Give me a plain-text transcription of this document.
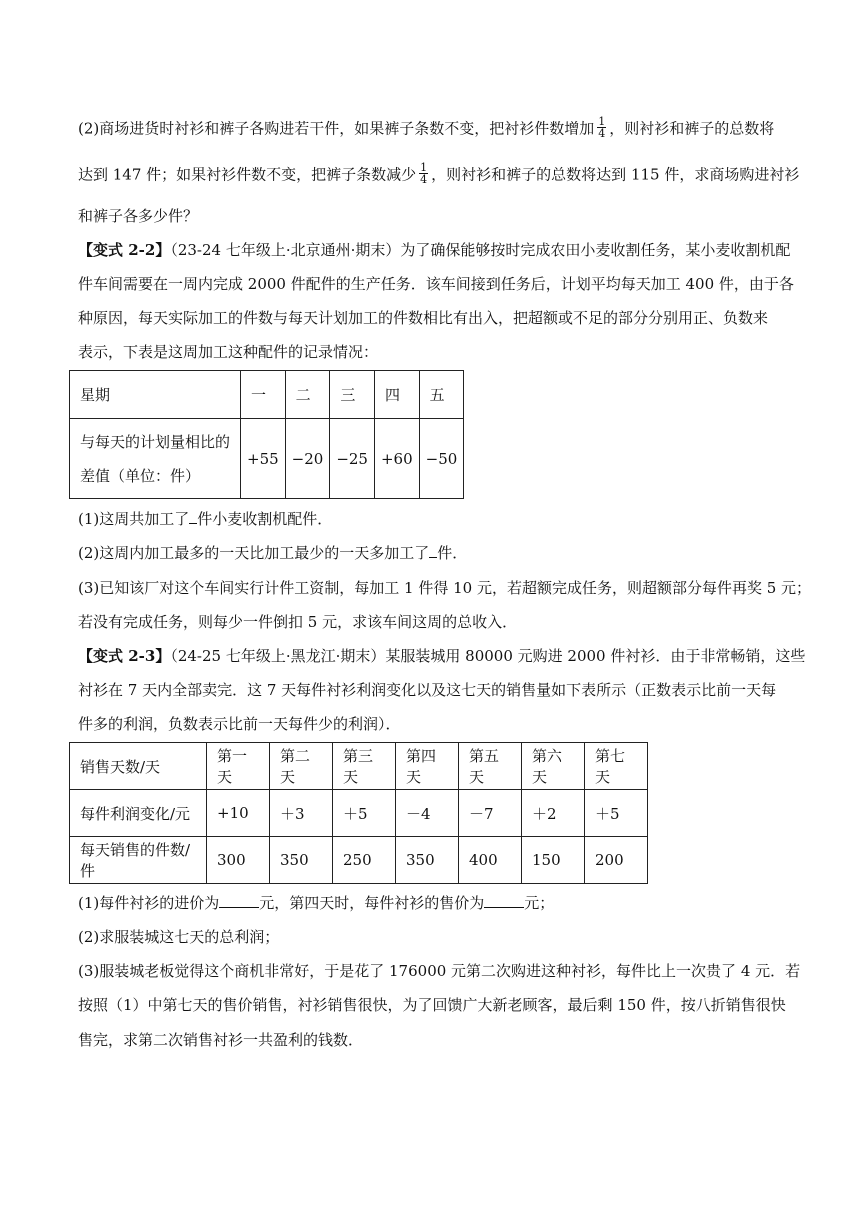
(2)商场进货时衬衫和裤子各购进若干件，如果裤子条数不变，把衬衫件数增加 $\frac{1}{4}$ ，则衬衫和裤子的总数将
达到 147 件；如果衬衫件数不变，把裤子条数减少 $\frac{1}{4}$ ，则衬衫和裤子的总数将达到 115 件，求商场购进衬衫
和裤子各多少件？
【变式 2-2】（23-24 七年级上·北京通州·期末）为了确保能够按时完成农田小麦收割任务，某小麦收割机配
件车间需要在一周内完成 2000 件配件的生产任务．该车间接到任务后，计划平均每天加工 400 件，由于各
种原因，每天实际加工的件数与每天计划加工的件数相比有出入，把超额或不足的部分分别用正、负数来
表示，下表是这周加工这种配件的记录情况：
星期	一	二	三	四	五

与每天的计划量相比的
差值（单位：件）	+55	−20	−25	+60	−50
(1)这周共加工了 件小麦收割机配件．
(2)这周内加工最多的一天比加工最少的一天多加工了 件．
(3)已知该厂对这个车间实行计件工资制，每加工 1 件得 10 元，若超额完成任务，则超额部分每件再奖 5 元；
若没有完成任务，则每少一件倒扣 5 元，求该车间这周的总收入．
【变式 2-3】（24-25 七年级上·黑龙江·期末）某服装城用 80000 元购进 2000 件衬衫．由于非常畅销，这些
衬衫在 7 天内全部卖完．这 7 天每件衬衫利润变化以及这七天的销售量如下表所示（正数表示比前一天每
件多的利润，负数表示比前一天每件少的利润）．
销售天数/天	第一天	第二天	第三天	第四天	第五天	第六天	第七天
每件利润变化/元	+10	＋3	＋5	－4	－7	＋2	＋5
每天销售的件数/件	300	350	250	350	400	150	200
(1)每件衬衫的进价为	元，第四天时，每件衬衫的售价为	元；
(2)求服装城这七天的总利润；
(3)服装城老板觉得这个商机非常好，于是花了 176000 元第二次购进这种衬衫，每件比上一次贵了 4 元．若
按照（1）中第七天的售价销售，衬衫销售很快，为了回馈广大新老顾客，最后剩 150 件，按八折销售很快
售完，求第二次销售衬衫一共盈利的钱数．
